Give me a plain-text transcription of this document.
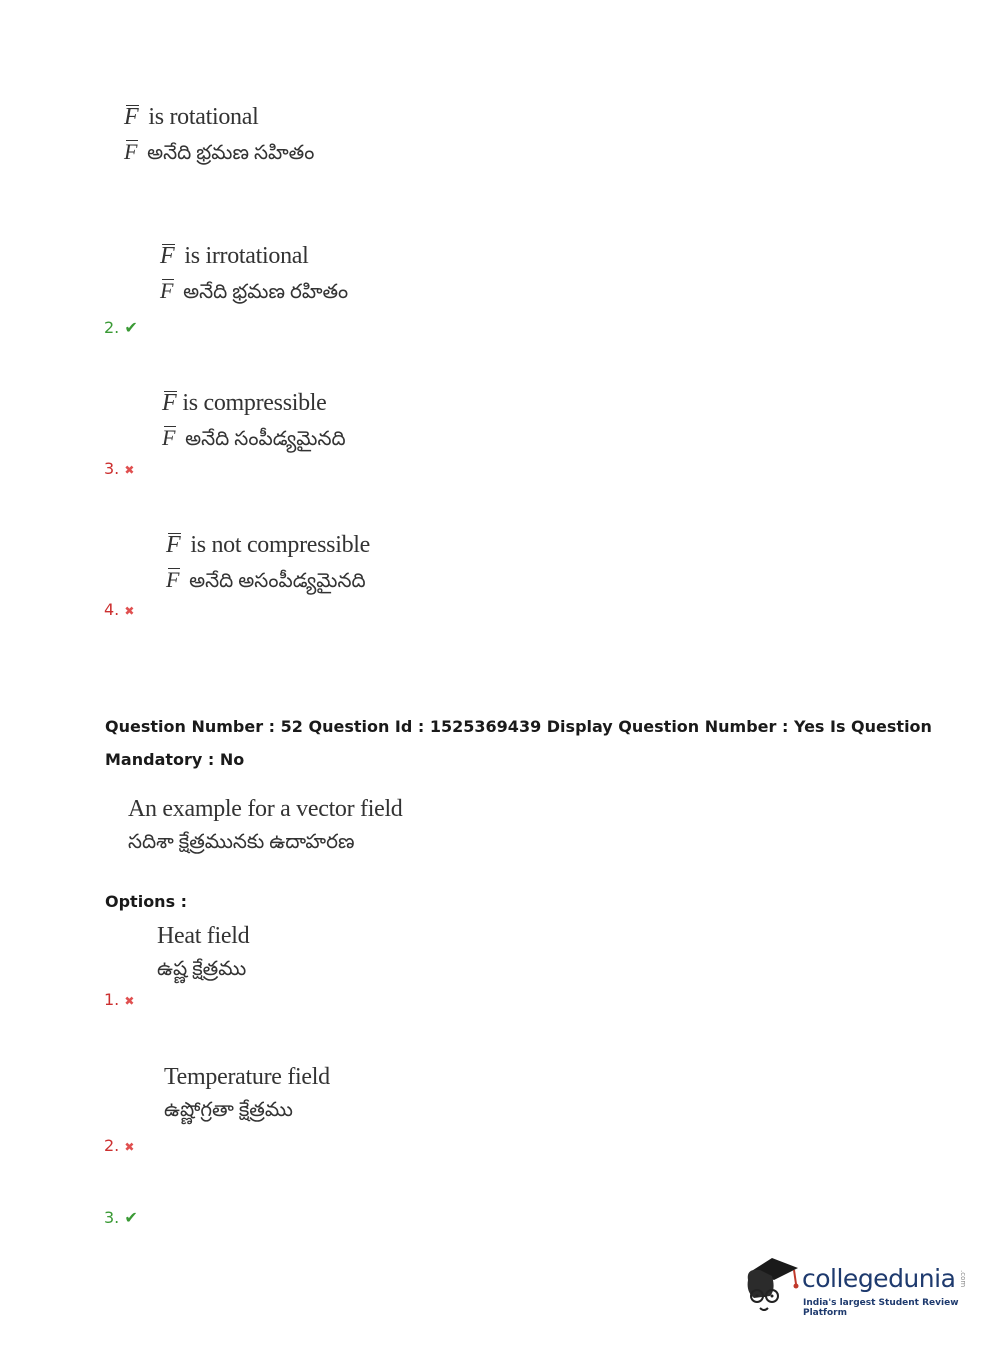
F is rotational
F అనేది భ్రమణ సహితం
F is irrotational
F అనేది భ్రమణ రహితం
2. ✔
F is compressible
F అనేది సంపీడ్యమైనది
3. ✖
F is not compressible
F అనేది అసంపీడ్యమైనది
4. ✖
Question Number : 52 Question Id : 1525369439 Display Question Number : Yes Is Question
Mandatory : No
An example for a vector field
సదిశా క్షేత్రమునకు ఉదాహరణ
Options :
Heat field
ఉష్ణ క్షేత్రము
1. ✖
Temperature field
ఉష్ణోగ్రతా క్షేత్రము
2. ✖
3. ✔
collegedunia .com
India's largest Student Review Platform
